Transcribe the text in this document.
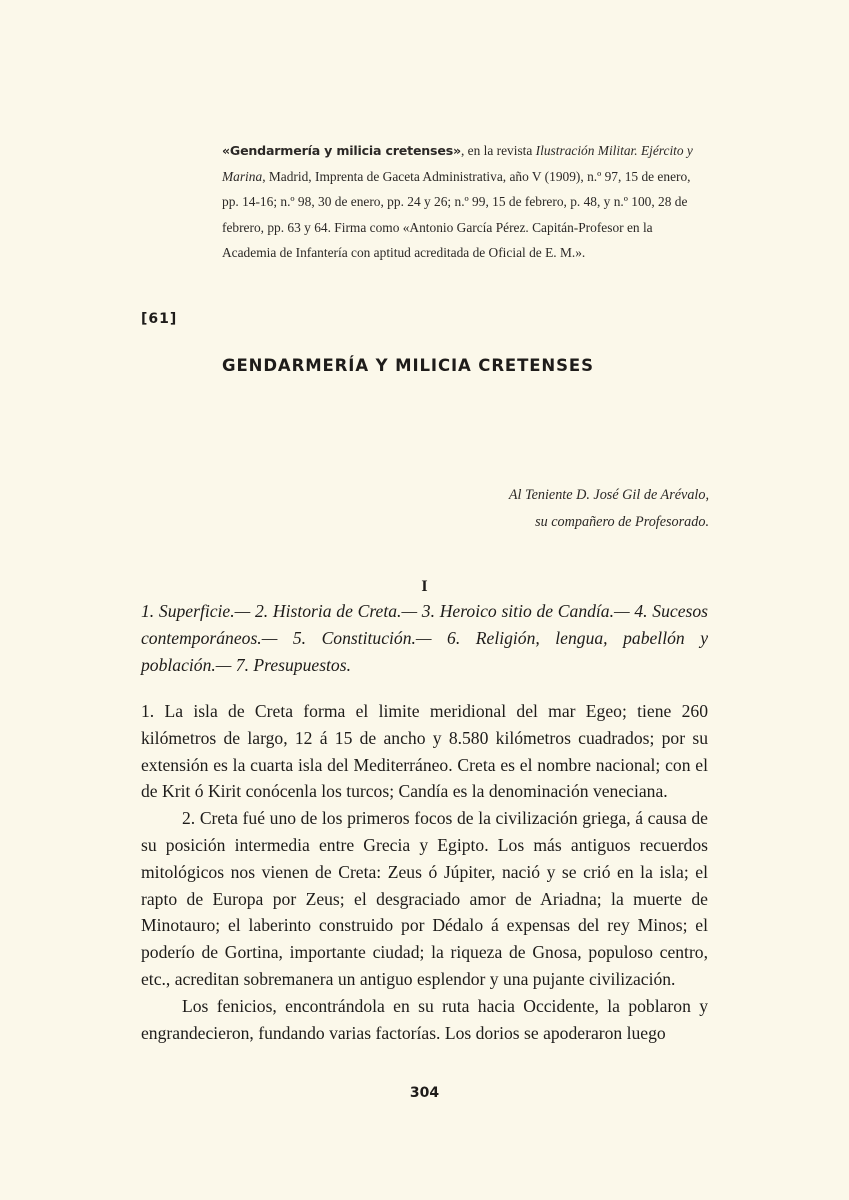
«Gendarmería y milicia cretenses», en la revista Ilustración Militar. Ejército y Marina, Madrid, Imprenta de Gaceta Administrativa, año V (1909), n.º 97, 15 de enero, pp. 14-16; n.º 98, 30 de enero, pp. 24 y 26; n.º 99, 15 de febrero, p. 48, y n.º 100, 28 de febrero, pp. 63 y 64. Firma como «Antonio García Pérez. Capitán-Profesor en la Academia de Infantería con aptitud acreditada de Oficial de E. M.».
[61]
GENDARMERÍA Y MILICIA CRETENSES
Al Teniente D. José Gil de Arévalo,
su compañero de Profesorado.
I
1. Superficie.— 2. Historia de Creta.— 3. Heroico sitio de Candía.— 4. Sucesos contemporáneos.— 5. Constitución.— 6. Religión, lengua, pabellón y población.— 7. Presupuestos.

1. La isla de Creta forma el limite meridional del mar Egeo; tiene 260 kilómetros de largo, 12 á 15 de ancho y 8.580 kilómetros cuadrados; por su extensión es la cuarta isla del Mediterráneo. Creta es el nombre nacional; con el de Krit ó Kirit conócenla los turcos; Candía es la denominación veneciana.

2. Creta fué uno de los primeros focos de la civilización griega, á causa de su posición intermedia entre Grecia y Egipto. Los más antiguos recuerdos mitológicos nos vienen de Creta: Zeus ó Júpiter, nació y se crió en la isla; el rapto de Europa por Zeus; el desgraciado amor de Ariadna; la muerte de Minotauro; el laberinto construido por Dédalo á expensas del rey Minos; el poderío de Gortina, importante ciudad; la riqueza de Gnosa, populoso centro, etc., acreditan sobremanera un antiguo esplendor y una pujante civilización.

Los fenicios, encontrándola en su ruta hacia Occidente, la poblaron y engrandecieron, fundando varias factorías. Los dorios se apoderaron luego

304
